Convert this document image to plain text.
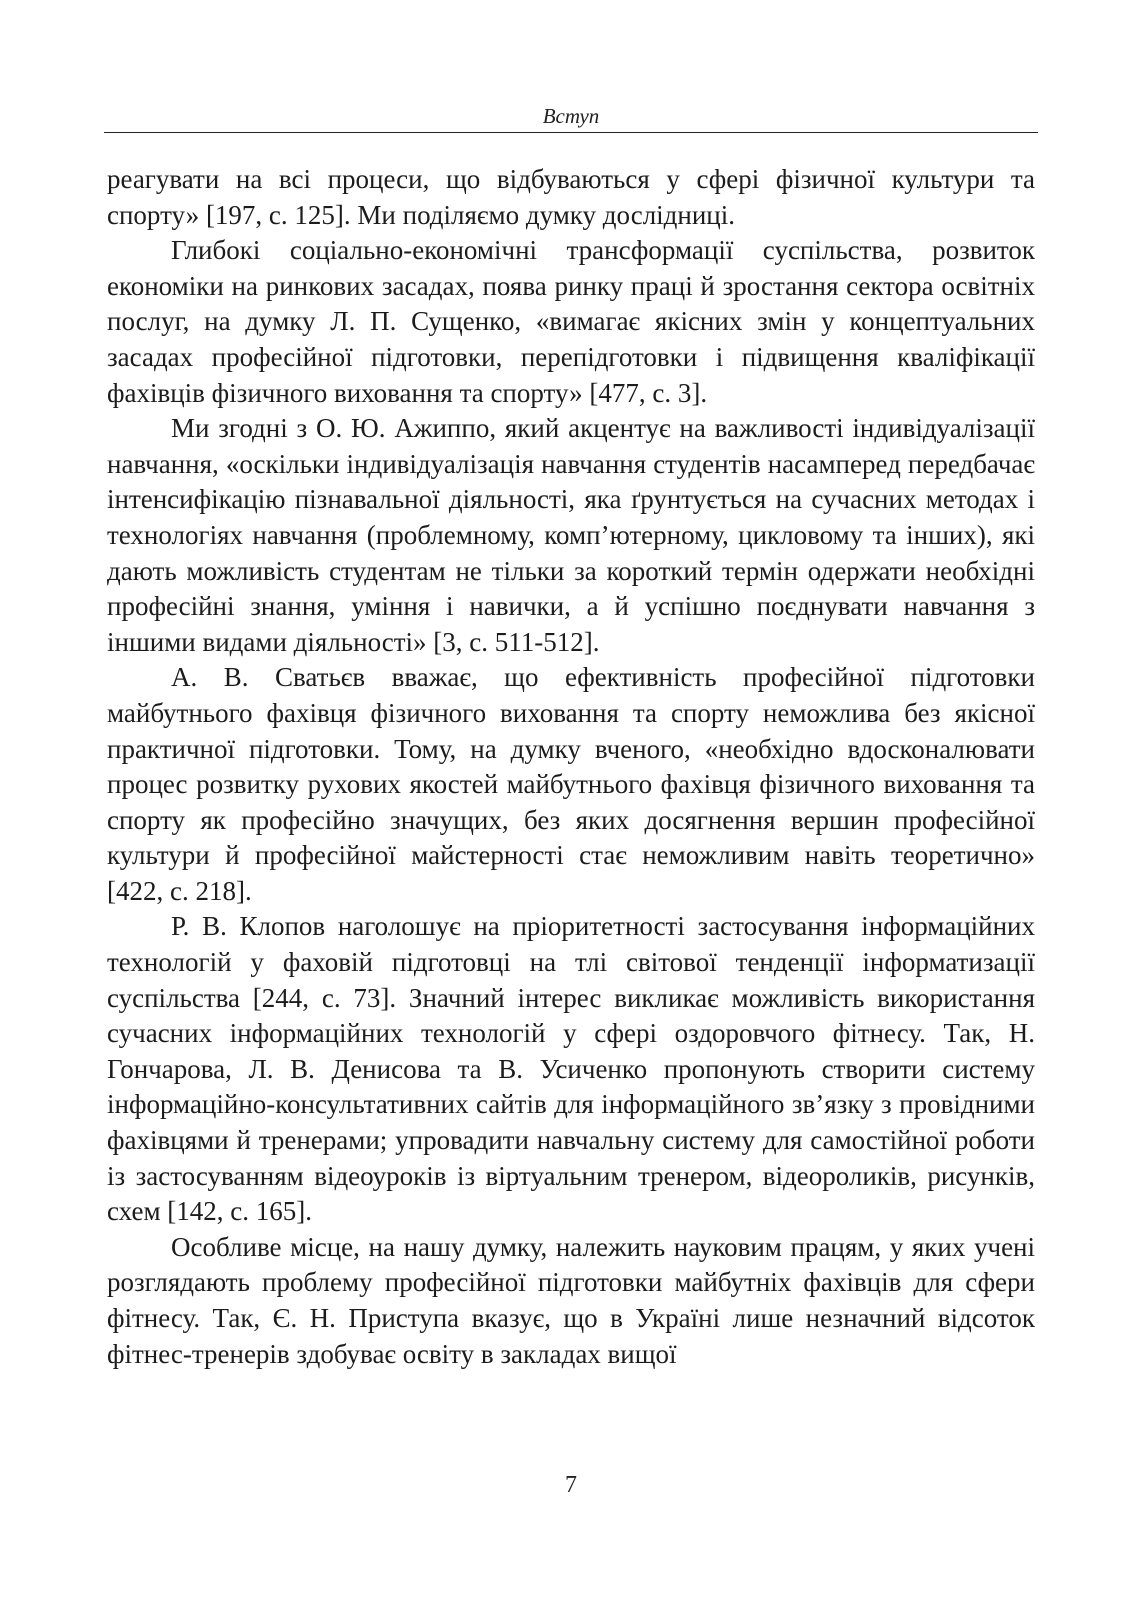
Вступ

реагувати на всі процеси, що відбуваються у сфері фізичної культури та спорту» [197, с. 125]. Ми поділяємо думку дослідниці.

Глибокі соціально-економічні трансформації суспільства, розвиток економіки на ринкових засадах, поява ринку праці й зростання сектора освітніх послуг, на думку Л. П. Сущенко, «вимагає якісних змін у концептуальних засадах професійної підготовки, перепідготовки і підвищення кваліфікації фахівців фізичного виховання та спорту» [477, с. 3].

Ми згодні з О. Ю. Ажиппо, який акцентує на важливості індивідуалізації навчання, «оскільки індивідуалізація навчання студентів насамперед передбачає інтенсифікацію пізнавальної діяльності, яка ґрунтується на сучасних методах і технологіях навчання (проблемному, комп’ютерному, цикловому та інших), які дають можливість студентам не тільки за короткий термін одержати необхідні професійні знання, уміння і навички, а й успішно поєднувати навчання з іншими видами діяльності» [3, с. 511-512].

А. В. Сватьєв вважає, що ефективність професійної підготовки майбутнього фахівця фізичного виховання та спорту неможлива без якісної практичної підготовки. Тому, на думку вченого, «необхідно вдосконалювати процес розвитку рухових якостей майбутнього фахівця фізичного виховання та спорту як професійно значущих, без яких досягнення вершин професійної культури й професійної майстерності стає неможливим навіть теоретично» [422, с. 218].

Р. В. Клопов наголошує на пріоритетності застосування інформаційних технологій у фаховій підготовці на тлі світової тенденції інформатизації суспільства [244, с. 73]. Значний інтерес викликає можливість використання сучасних інформаційних технологій у сфері оздоровчого фітнесу. Так, Н. Гончарова, Л. В. Денисова та В. Усиченко пропонують створити систему інформаційно-консультативних сайтів для інформаційного зв’язку з провідними фахівцями й тренерами; упровадити навчальну систему для самостійної роботи із застосуванням відеоуроків із віртуальним тренером, відеороликів, рисунків, схем [142, с. 165].

Особливе місце, на нашу думку, належить науковим працям, у яких учені розглядають проблему професійної підготовки майбутніх фахівців для сфери фітнесу. Так, Є. Н. Приступа вказує, що в Україні лише незначний відсоток фітнес-тренерів здобуває освіту в закладах вищої

7
